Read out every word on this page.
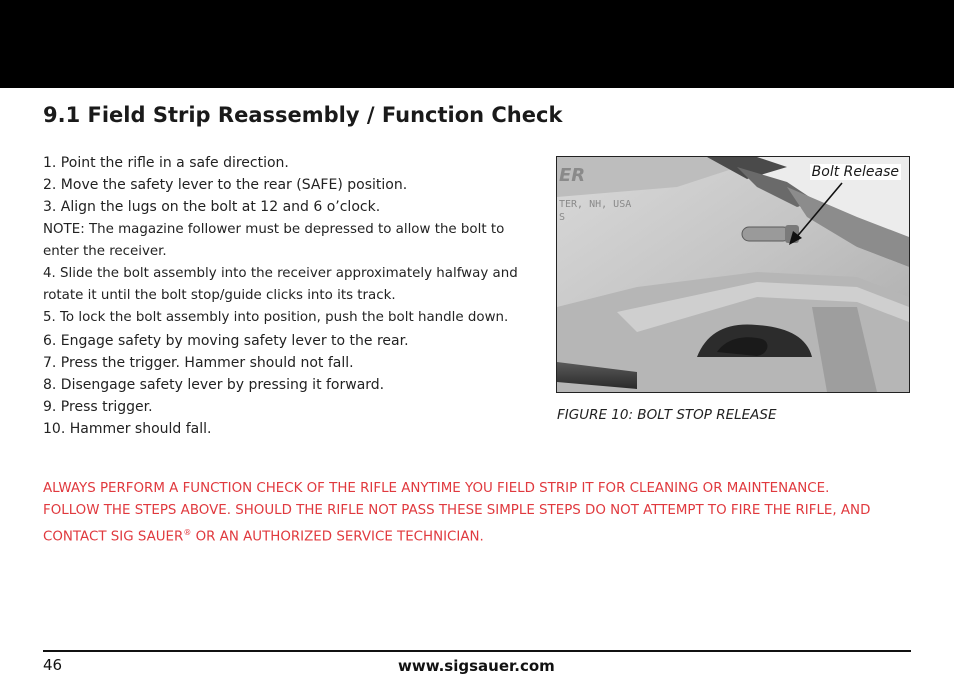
9.1 Field Strip Reassembly / Function Check
1. Point the rifle in a safe direction.
2. Move the safety lever to the rear (SAFE) position.
3. Align the lugs on the bolt at 12 and 6 o’clock.
NOTE: The magazine follower must be depressed to allow the bolt to
enter the receiver.
4. Slide the bolt assembly into the receiver approximately halfway and
rotate it until the bolt stop/guide clicks into its track.
5. To lock the bolt assembly into position, push the bolt handle down.
6. Engage safety by moving safety lever to the rear.
7. Press the trigger. Hammer should not fall.
8. Disengage safety lever by pressing it forward.
9. Press trigger.
10. Hammer should fall.
ER
TER, NH, USA
S
Bolt Release
FIGURE 10: BOLT STOP RELEASE
ALWAYS PERFORM A FUNCTION CHECK OF THE RIFLE ANYTIME YOU FIELD STRIP IT FOR CLEANING OR MAINTENANCE.
FOLLOW THE STEPS ABOVE. SHOULD THE RIFLE NOT PASS THESE SIMPLE STEPS DO NOT ATTEMPT TO FIRE THE RIFLE, AND
CONTACT SIG SAUER® OR AN AUTHORIZED SERVICE TECHNICIAN.
46	www.sigsauer.com
